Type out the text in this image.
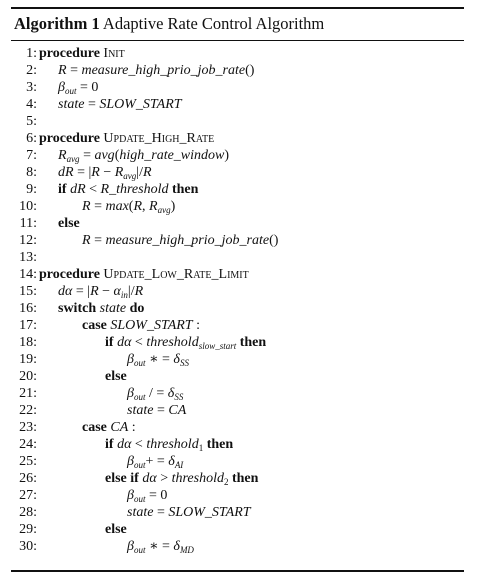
Algorithm 1 Adaptive Rate Control Algorithm
1: procedure Init
2: R = measure_high_prio_job_rate()
3: $\beta_{out} = 0$
4: state = SLOW_START
5:
6: procedure Update_High_Rate
7: $R_{avg}$ = avg(high_rate_window)
8: dR = $|R - R_{avg}|/R$
9: if dR < R_threshold then
10:	R = max(R, $R_{avg}$)
11: else
12:	R = measure_high_prio_job_rate()
13:
14: procedure Update_Low_Rate_Limit
15: $d\alpha = |R - \alpha_{in}|/R$
16: switch state do
17:	case SLOW_START :
18:	if dα < threshold$_{slow\_start}$ then
19:	$\beta_{out}$ ∗ = $\delta_{SS}$
20:	else
21:	$\beta_{out}$ / = $\delta_{SS}$
22:	state = CA
23:	case CA :
24:	if dα < threshold$_1$ then
25:	$\beta_{out}+ = \delta_{AI}$
26:	else if dα > threshold$_2$ then
27:	$\beta_{out} = 0$
28:	state = SLOW_START
29:	else
30:	$\beta_{out}$ ∗ = $\delta_{MD}$
